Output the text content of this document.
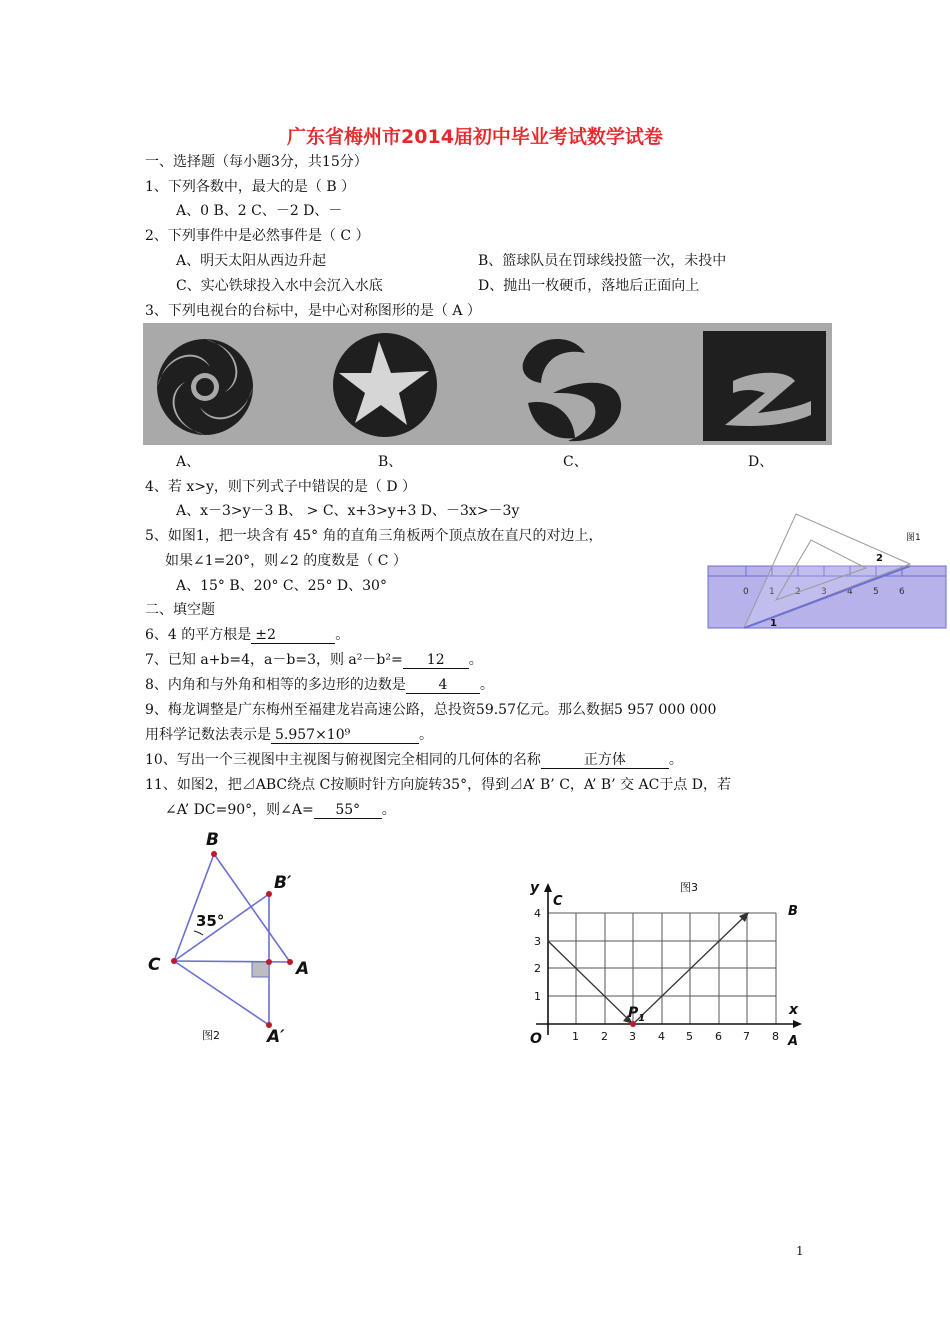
广东省梅州市2014届初中毕业考试数学试卷
一、选择题（每小题3分，共15分）
1、下列各数中，最大的是（ B ）
A、0 B、2 C、－2 D、－
2、下列事件中是必然事件是（ C ）
A、明天太阳从西边升起	B、篮球队员在罚球线投篮一次，未投中
C、实心铁球投入水中会沉入水底	D、抛出一枚硬币，落地后正面向上
3、下列电视台的台标中，是中心对称图形的是（ A ）
A、	B、	C、	D、
4、若 x>y，则下列式子中错误的是（ D ）
A、x－3>y－3 B、 > C、x+3>y+3 D、－3x>－3y
5、如图1，把一块含有 45° 角的直角三角板两个顶点放在直尺的对边上，
如果∠1=20°，则∠2 的度数是（ C ）
A、15° B、20° C、25° D、30°	0	4 5 6
2
1
图1
二、填空题
6、4 的平方根是 ±2	。
7、已知 a+b=4，a－b=3，则 a²－b²= 12 。
8、内角和与外角和相等的多边形的边数是 4 。
9、梅龙调整是广东梅州至福建龙岩高速公路，总投资59.57亿元。那么数据5 957 000 000
用科学记数法表示是 5.957×10⁹	。
10、写出一个三视图中主视图与俯视图完全相同的几何体的名称	正方体	。
11、如图2，把⊿ABC绕点 C按顺时针方向旋转35°，得到⊿A’ B’ C，A’ B’ 交 AC于点 D，若
∠A’ DC=90°，则∠A= 55° 。
B
B′
C	A
A′
35°
图2
y
C
B
图3
x
O	A
$P_1$
1
2
3
4
1 2 3 4 5 6 7 8
1
